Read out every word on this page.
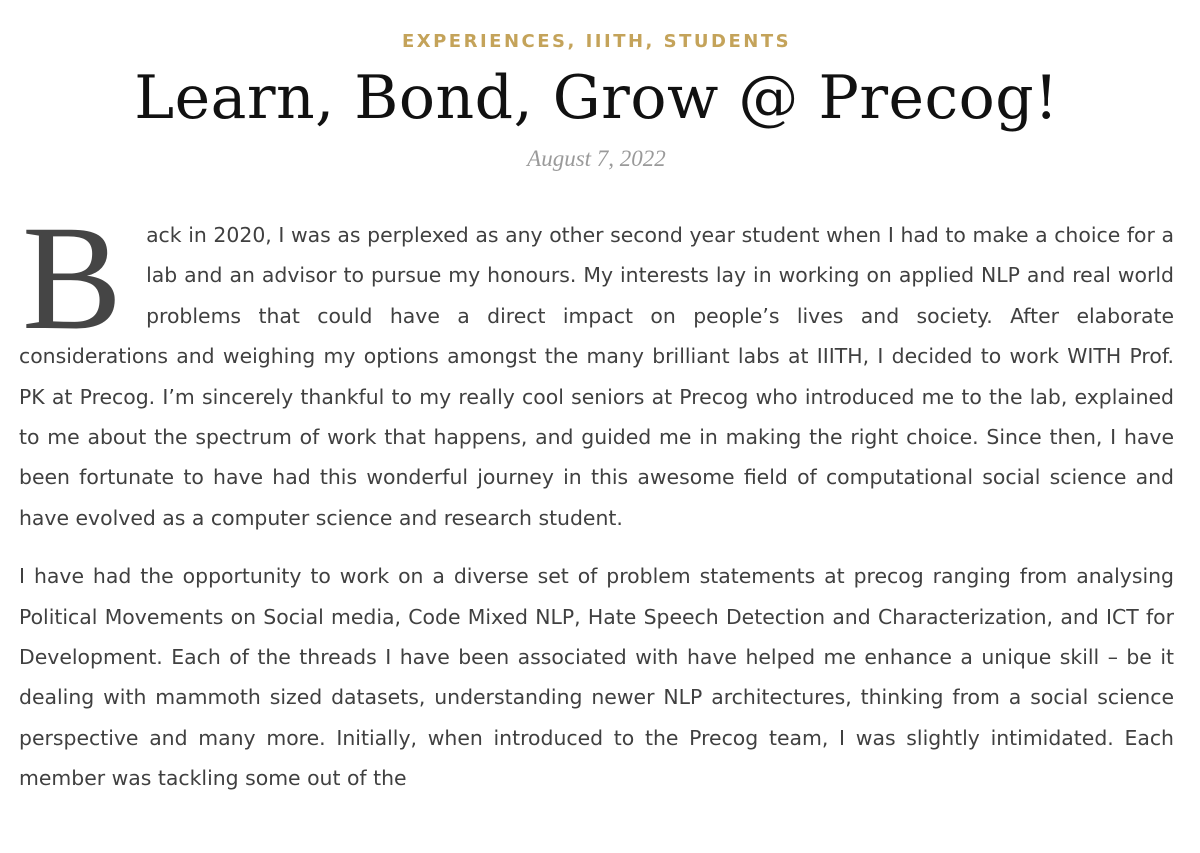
EXPERIENCES, IIITH, STUDENTS
Learn, Bond, Grow @ Precog!
August 7, 2022

B ack in 2020, I was as perplexed as any other second year student when I had to make a choice for a lab and an advisor to pursue my honours. My interests lay in working on applied NLP and real world problems that could have a direct impact on people’s lives and society. After elaborate considerations and weighing my options amongst the many brilliant labs at IIITH, I decided to work WITH Prof. PK at Precog. I’m sincerely thankful to my really cool seniors at Precog who introduced me to the lab, explained to me about the spectrum of work that happens, and guided me in making the right choice. Since then, I have been fortunate to have had this wonderful journey in this awesome field of computational social science and have evolved as a computer science and research student.

I have had the opportunity to work on a diverse set of problem statements at precog ranging from analysing Political Movements on Social media, Code Mixed NLP, Hate Speech Detection and Characterization, and ICT for Development. Each of the threads I have been associated with have helped me enhance a unique skill – be it dealing with mammoth sized datasets, understanding newer NLP architectures, thinking from a social science perspective and many more. Initially, when introduced to the Precog team, I was slightly intimidated. Each member was tackling some out of the
